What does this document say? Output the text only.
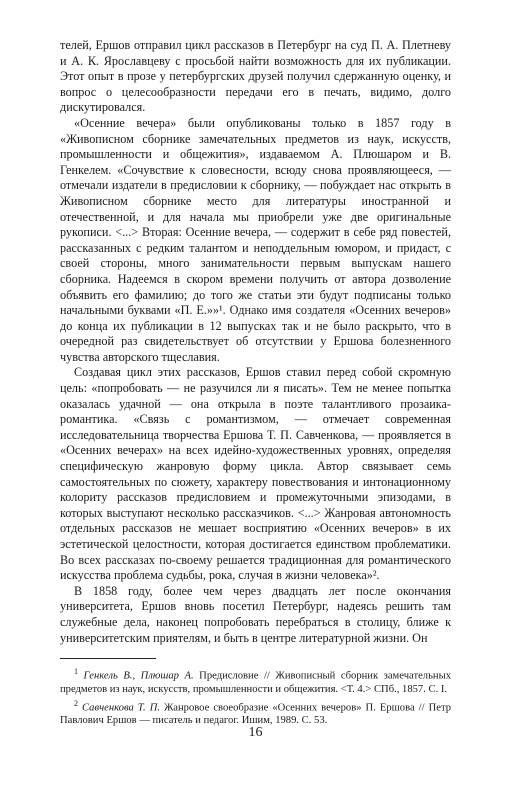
телей, Ершов отправил цикл рассказов в Петербург на суд П. А. Плетневу и А. К. Ярославцеву с просьбой найти возможность для их публикации. Этот опыт в прозе у петербургских друзей получил сдержанную оценку, и вопрос о целесообразности передачи его в печать, видимо, долго дискутировался.

«Осенние вечера» были опубликованы только в 1857 году в «Живописном сборнике замечательных предметов из наук, искусств, промышленности и общежития», издаваемом А. Плюшаром и В. Генкелем. «Сочувствие к словесности, всюду снова проявляющееся, — отмечали издатели в предисловии к сборнику, — побуждает нас открыть в Живописном сборнике место для литературы иностранной и отечественной, и для начала мы приобрели уже две оригинальные рукописи. <...> Вторая: Осенние вечера, — содержит в себе ряд повестей, рассказанных с редким талантом и неподдельным юмором, и придаст, с своей стороны, много занимательности первым выпускам нашего сборника. Надеемся в скором времени получить от автора дозволение объявить его фамилию; до того же статьи эти будут подписаны только начальными буквами «П. Е.»»¹. Однако имя создателя «Осенних вечеров» до конца их публикации в 12 выпусках так и не было раскрыто, что в очередной раз свидетельствует об отсутствии у Ершова болезненного чувства авторского тщеславия.

Создавая цикл этих рассказов, Ершов ставил перед собой скромную цель: «попробовать — не разучился ли я писать». Тем не менее попытка оказалась удачной — она открыла в поэте талантливого прозаика-романтика. «Связь с романтизмом, — отмечает современная исследовательница творчества Ершова Т. П. Савченкова, — проявляется в «Осенних вечерах» на всех идейно-художественных уровнях, определяя специфическую жанровую форму цикла. Автор связывает семь самостоятельных по сюжету, характеру повествования и интонационному колориту рассказов предисловием и промежуточными эпизодами, в которых выступают несколько рассказчиков. <...> Жанровая автономность отдельных рассказов не мешает восприятию «Осенних вечеров» в их эстетической целостности, которая достигается единством проблематики. Во всех рассказах по-своему решается традиционная для романтического искусства проблема судьбы, рока, случая в жизни человека»².

В 1858 году, более чем через двадцать лет после окончания университета, Ершов вновь посетил Петербург, надеясь решить там служебные дела, наконец попробовать перебраться в столицу, ближе к университетским приятелям, и быть в центре литературной жизни. Он

$^1$ Генкель В., Плюшар А. Предисловие // Живописный сборник замечательных предметов из наук, искусств, промышленности и общежития. <Т. 4.> СПб., 1857. С. I.

$^2$ Савченкова Т. П. Жанровое своеобразие «Осенних вечеров» П. Ершова // Петр Павлович Ершов — писатель и педагог. Ишим, 1989. С. 53.

16
